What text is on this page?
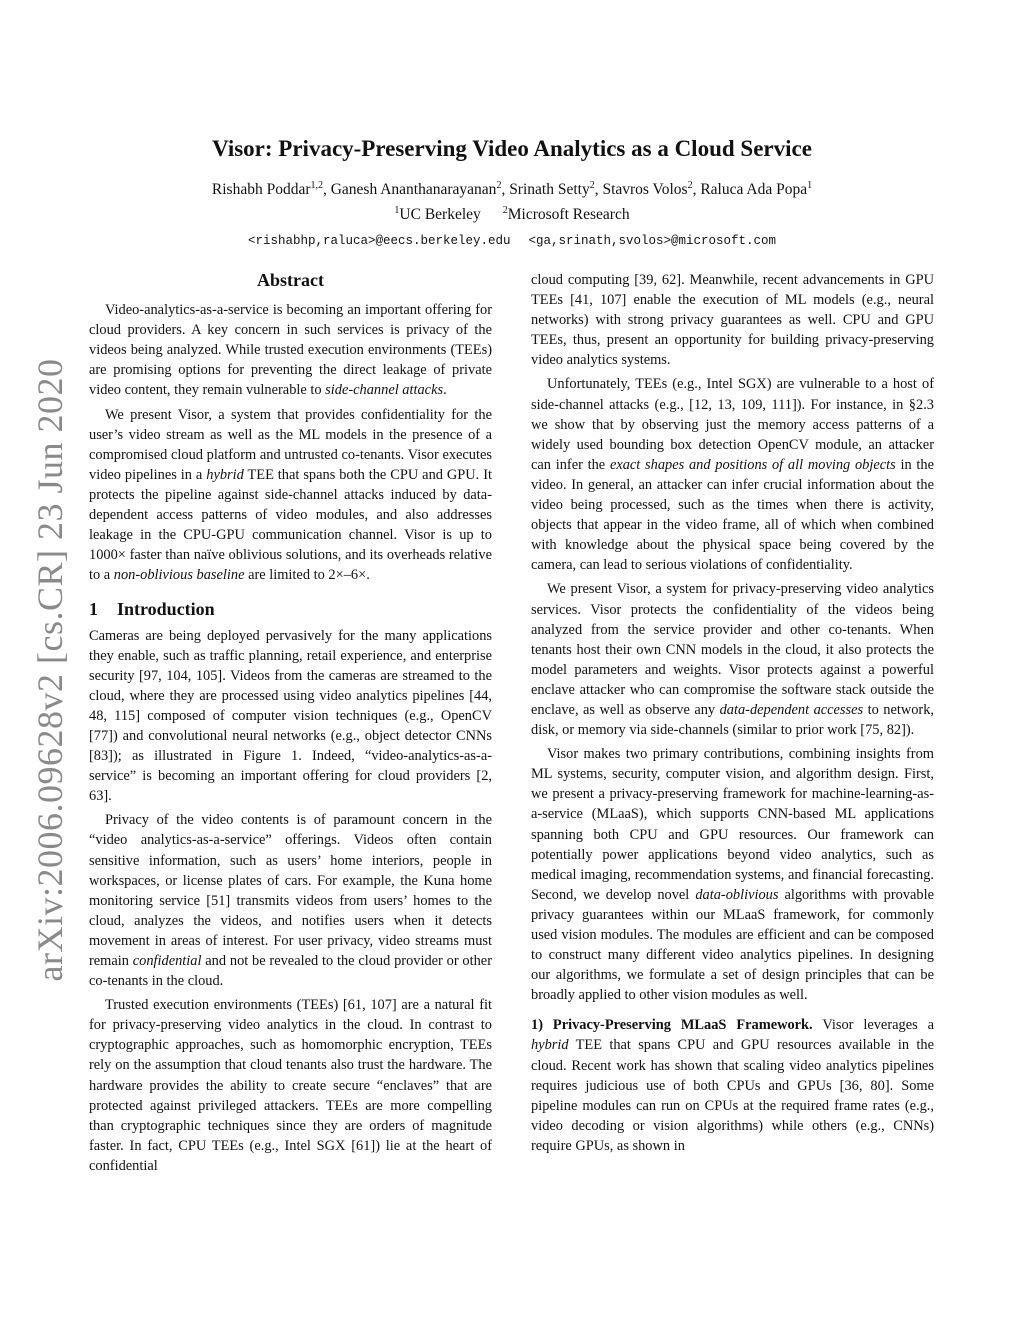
arXiv:2006.09628v2 [cs.CR] 23 Jun 2020
Visor: Privacy-Preserving Video Analytics as a Cloud Service
Rishabh Poddar$^{1,2}$, Ganesh Ananthanarayanan$^2$, Srinath Setty$^2$, Stavros Volos$^2$, Raluca Ada Popa$^1$
$^1$UC Berkeley $^2$Microsoft Research
<rishabhp,raluca>@eecs.berkeley.edu <ga,srinath,svolos>@microsoft.com
Abstract

Video-analytics-as-a-service is becoming an important offering for cloud providers. A key concern in such services is privacy of the videos being analyzed. While trusted execution environments (TEEs) are promising options for preventing the direct leakage of private video content, they remain vulnerable to side-channel attacks.

We present Visor, a system that provides confidentiality for the user’s video stream as well as the ML models in the presence of a compromised cloud platform and untrusted co-tenants. Visor executes video pipelines in a hybrid TEE that spans both the CPU and GPU. It protects the pipeline against side-channel attacks induced by data-dependent access patterns of video modules, and also addresses leakage in the CPU-GPU communication channel. Visor is up to 1000× faster than naïve oblivious solutions, and its overheads relative to a non-oblivious baseline are limited to 2×–6×.

1 Introduction

Cameras are being deployed pervasively for the many applications they enable, such as traffic planning, retail experience, and enterprise security [97, 104, 105]. Videos from the cameras are streamed to the cloud, where they are processed using video analytics pipelines [44, 48, 115] composed of computer vision techniques (e.g., OpenCV [77]) and convolutional neural networks (e.g., object detector CNNs [83]); as illustrated in Figure 1. Indeed, “video-analytics-as-a-service” is becoming an important offering for cloud providers [2, 63].

Privacy of the video contents is of paramount concern in the “video analytics-as-a-service” offerings. Videos often contain sensitive information, such as users’ home interiors, people in workspaces, or license plates of cars. For example, the Kuna home monitoring service [51] transmits videos from users’ homes to the cloud, analyzes the videos, and notifies users when it detects movement in areas of interest. For user privacy, video streams must remain confidential and not be revealed to the cloud provider or other co-tenants in the cloud.

Trusted execution environments (TEEs) [61, 107] are a natural fit for privacy-preserving video analytics in the cloud. In contrast to cryptographic approaches, such as homomorphic encryption, TEEs rely on the assumption that cloud tenants also trust the hardware. The hardware provides the ability to create secure “enclaves” that are protected against privileged attackers. TEEs are more compelling than cryptographic techniques since they are orders of magnitude faster. In fact, CPU TEEs (e.g., Intel SGX [61]) lie at the heart of confidential

cloud computing [39, 62]. Meanwhile, recent advancements in GPU TEEs [41, 107] enable the execution of ML models (e.g., neural networks) with strong privacy guarantees as well. CPU and GPU TEEs, thus, present an opportunity for building privacy-preserving video analytics systems.

Unfortunately, TEEs (e.g., Intel SGX) are vulnerable to a host of side-channel attacks (e.g., [12, 13, 109, 111]). For instance, in §2.3 we show that by observing just the memory access patterns of a widely used bounding box detection OpenCV module, an attacker can infer the exact shapes and positions of all moving objects in the video. In general, an attacker can infer crucial information about the video being processed, such as the times when there is activity, objects that appear in the video frame, all of which when combined with knowledge about the physical space being covered by the camera, can lead to serious violations of confidentiality.

We present Visor, a system for privacy-preserving video analytics services. Visor protects the confidentiality of the videos being analyzed from the service provider and other co-tenants. When tenants host their own CNN models in the cloud, it also protects the model parameters and weights. Visor protects against a powerful enclave attacker who can compromise the software stack outside the enclave, as well as observe any data-dependent accesses to network, disk, or memory via side-channels (similar to prior work [75, 82]).

Visor makes two primary contributions, combining insights from ML systems, security, computer vision, and algorithm design. First, we present a privacy-preserving framework for machine-learning-as-a-service (MLaaS), which supports CNN-based ML applications spanning both CPU and GPU resources. Our framework can potentially power applications beyond video analytics, such as medical imaging, recommendation systems, and financial forecasting. Second, we develop novel data-oblivious algorithms with provable privacy guarantees within our MLaaS framework, for commonly used vision modules. The modules are efficient and can be composed to construct many different video analytics pipelines. In designing our algorithms, we formulate a set of design principles that can be broadly applied to other vision modules as well.

1) Privacy-Preserving MLaaS Framework. Visor leverages a hybrid TEE that spans CPU and GPU resources available in the cloud. Recent work has shown that scaling video analytics pipelines requires judicious use of both CPUs and GPUs [36, 80]. Some pipeline modules can run on CPUs at the required frame rates (e.g., video decoding or vision algorithms) while others (e.g., CNNs) require GPUs, as shown in
